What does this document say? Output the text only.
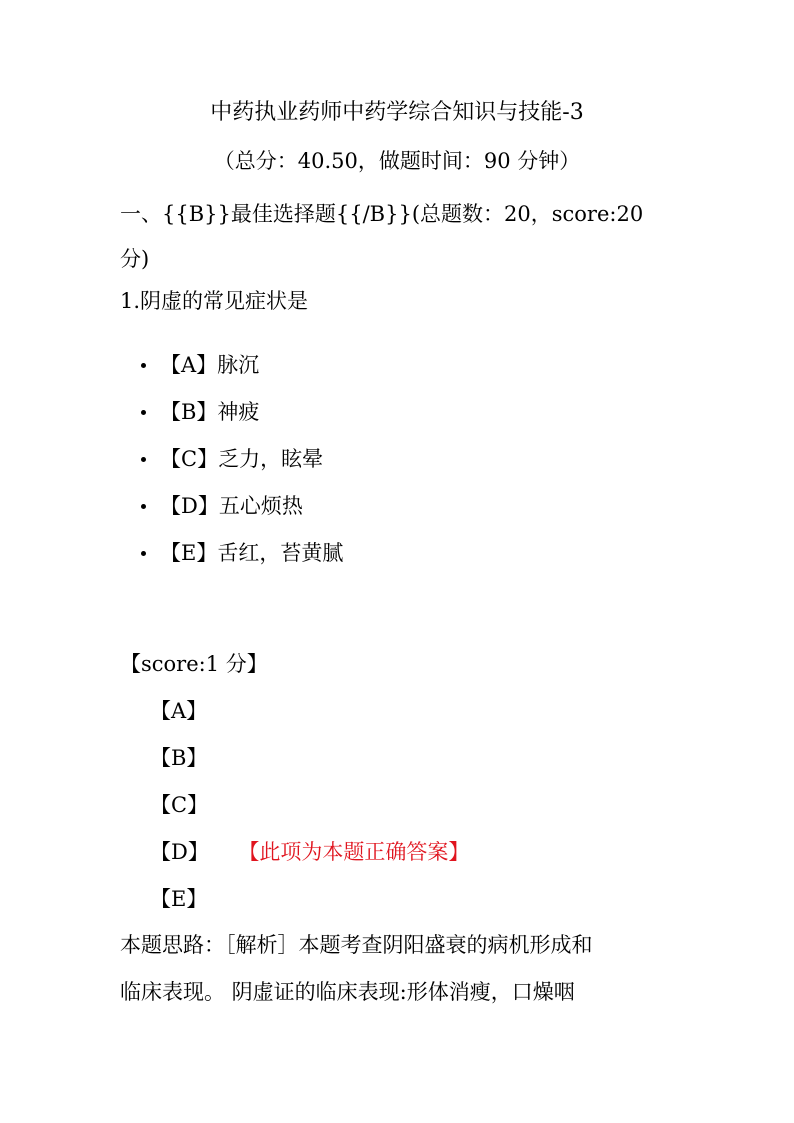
中药执业药师中药学综合知识与技能-3
（总分：40.50，做题时间：90 分钟）
一、{{B}}最佳选择题{{/B}}(总题数：20，score:20
分)
1.阴虚的常见症状是
【A】脉沉
【B】神疲
【C】乏力，眩晕
【D】五心烦热
【E】舌红，苔黄腻
【score:1 分】
【A】
【B】
【C】
【D】 【此项为本题正确答案】
【E】
本题思路：［解析］本题考查阴阳盛衰的病机形成和
临床表现。 阴虚证的临床表现:形体消瘦，口燥咽
